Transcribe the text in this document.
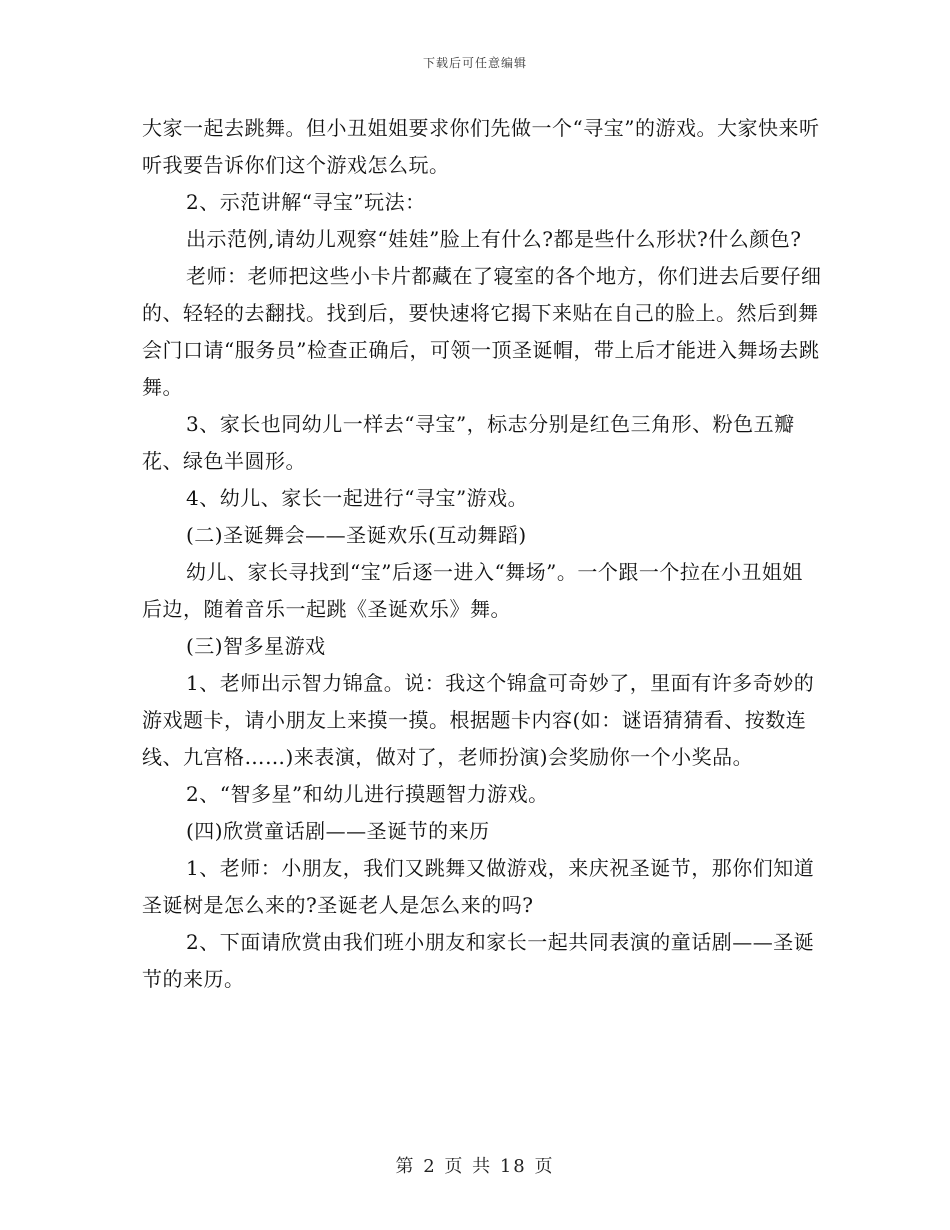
下载后可任意编辑

大家一起去跳舞。但小丑姐姐要求你们先做一个“寻宝”的游戏。大家快来听听我要告诉你们这个游戏怎么玩。

2、示范讲解“寻宝”玩法：

出示范例,请幼儿观察“娃娃”脸上有什么?都是些什么形状?什么颜色?

老师：老师把这些小卡片都藏在了寝室的各个地方，你们进去后要仔细的、轻轻的去翻找。找到后，要快速将它揭下来贴在自己的脸上。然后到舞会门口请“服务员”检查正确后，可领一顶圣诞帽，带上后才能进入舞场去跳舞。

3、家长也同幼儿一样去“寻宝”，标志分别是红色三角形、粉色五瓣花、绿色半圆形。

4、幼儿、家长一起进行“寻宝”游戏。

(二)圣诞舞会——圣诞欢乐(互动舞蹈)

幼儿、家长寻找到“宝”后逐一进入“舞场”。一个跟一个拉在小丑姐姐后边，随着音乐一起跳《圣诞欢乐》舞。

(三)智多星游戏

1、老师出示智力锦盒。说：我这个锦盒可奇妙了，里面有许多奇妙的游戏题卡，请小朋友上来摸一摸。根据题卡内容(如：谜语猜猜看、按数连线、九宫格……)来表演，做对了，老师扮演)会奖励你一个小奖品。

2、“智多星”和幼儿进行摸题智力游戏。

(四)欣赏童话剧——圣诞节的来历

1、老师：小朋友，我们又跳舞又做游戏，来庆祝圣诞节，那你们知道圣诞树是怎么来的?圣诞老人是怎么来的吗?

2、下面请欣赏由我们班小朋友和家长一起共同表演的童话剧——圣诞节的来历。

第 2 页 共 18 页
